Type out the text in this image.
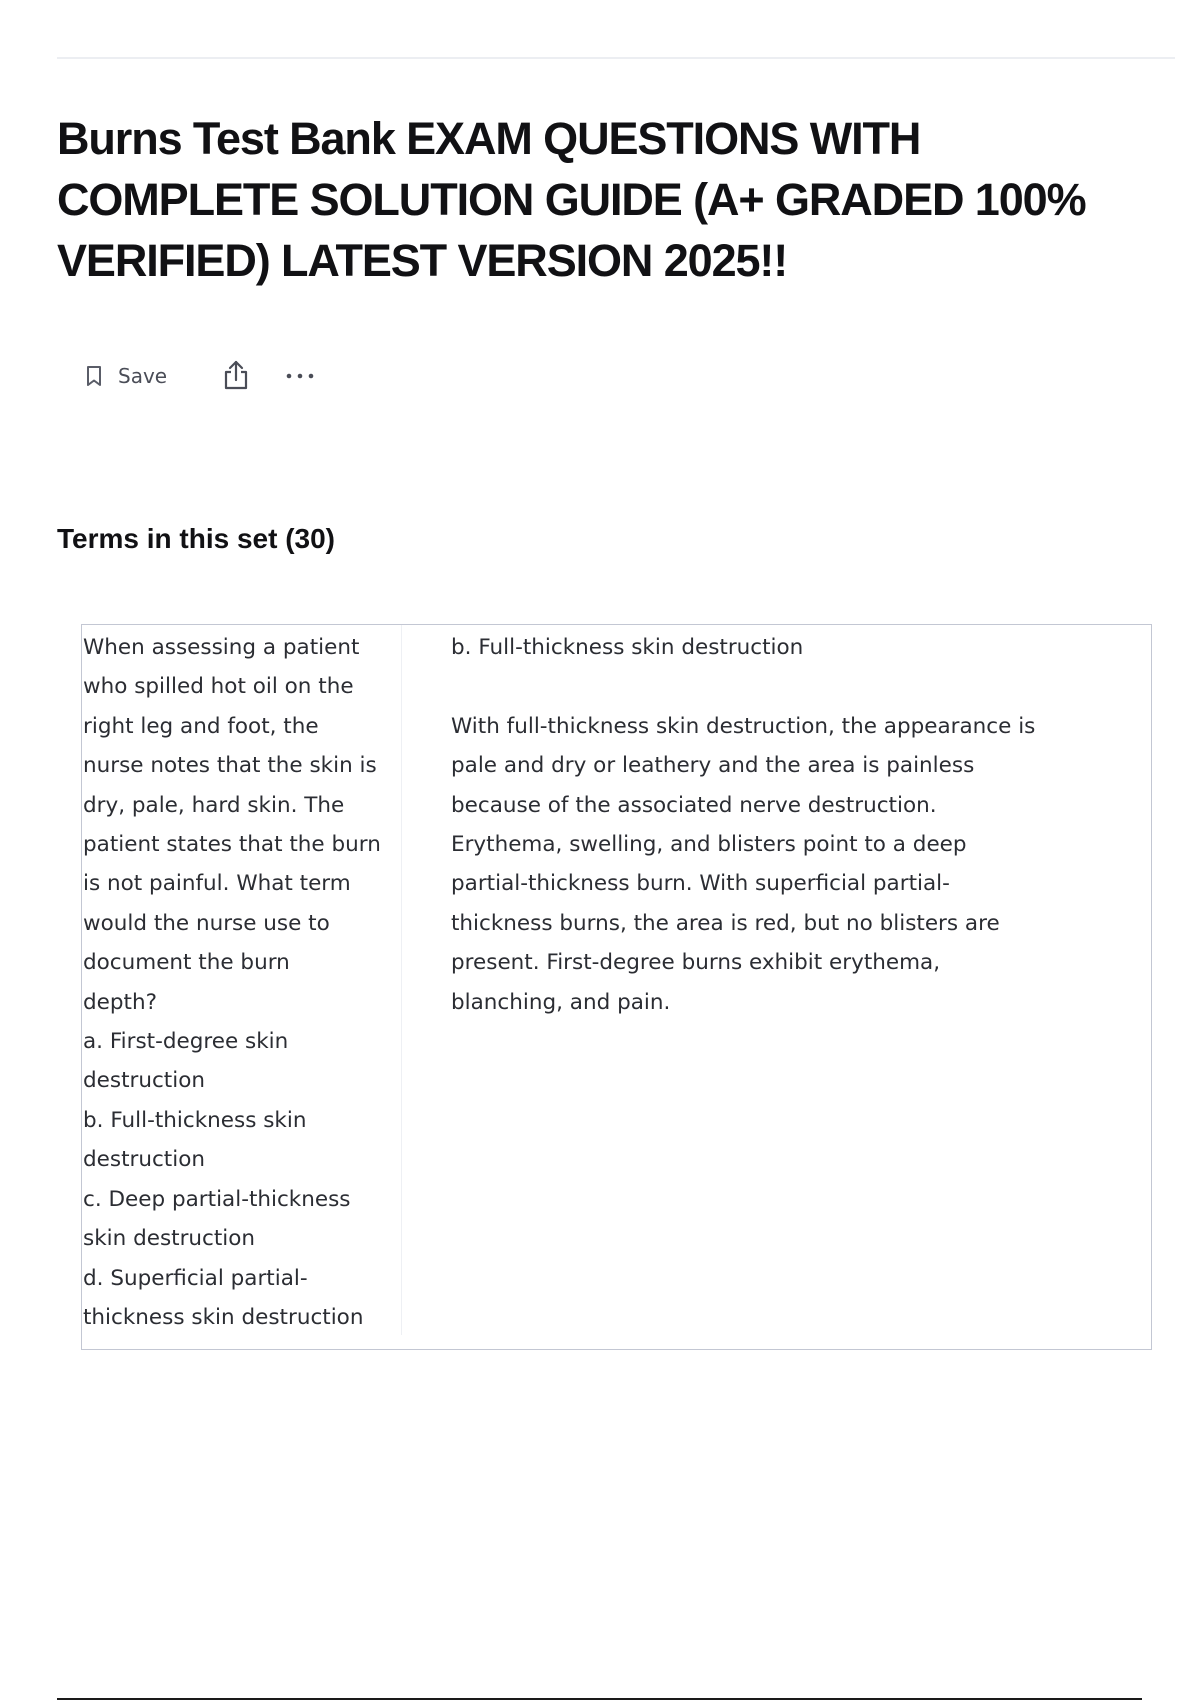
Burns Test Bank EXAM QUESTIONS WITH COMPLETE SOLUTION GUIDE (A+ GRADED 100% VERIFIED) LATEST VERSION 2025!!
Save
Terms in this set (30)
When assessing a patient
who spilled hot oil on the
right leg and foot, the
nurse notes that the skin is
dry, pale, hard skin. The
patient states that the burn
is not painful. What term
would the nurse use to
document the burn
depth?
a. First-degree skin
destruction
b. Full-thickness skin
destruction
c. Deep partial-thickness
skin destruction
d. Superficial partial-
thickness skin destruction
b. Full-thickness skin destruction
With full-thickness skin destruction, the appearance is
pale and dry or leathery and the area is painless
because of the associated nerve destruction.
Erythema, swelling, and blisters point to a deep
partial-thickness burn. With superficial partial-
thickness burns, the area is red, but no blisters are
present. First-degree burns exhibit erythema,
blanching, and pain.
